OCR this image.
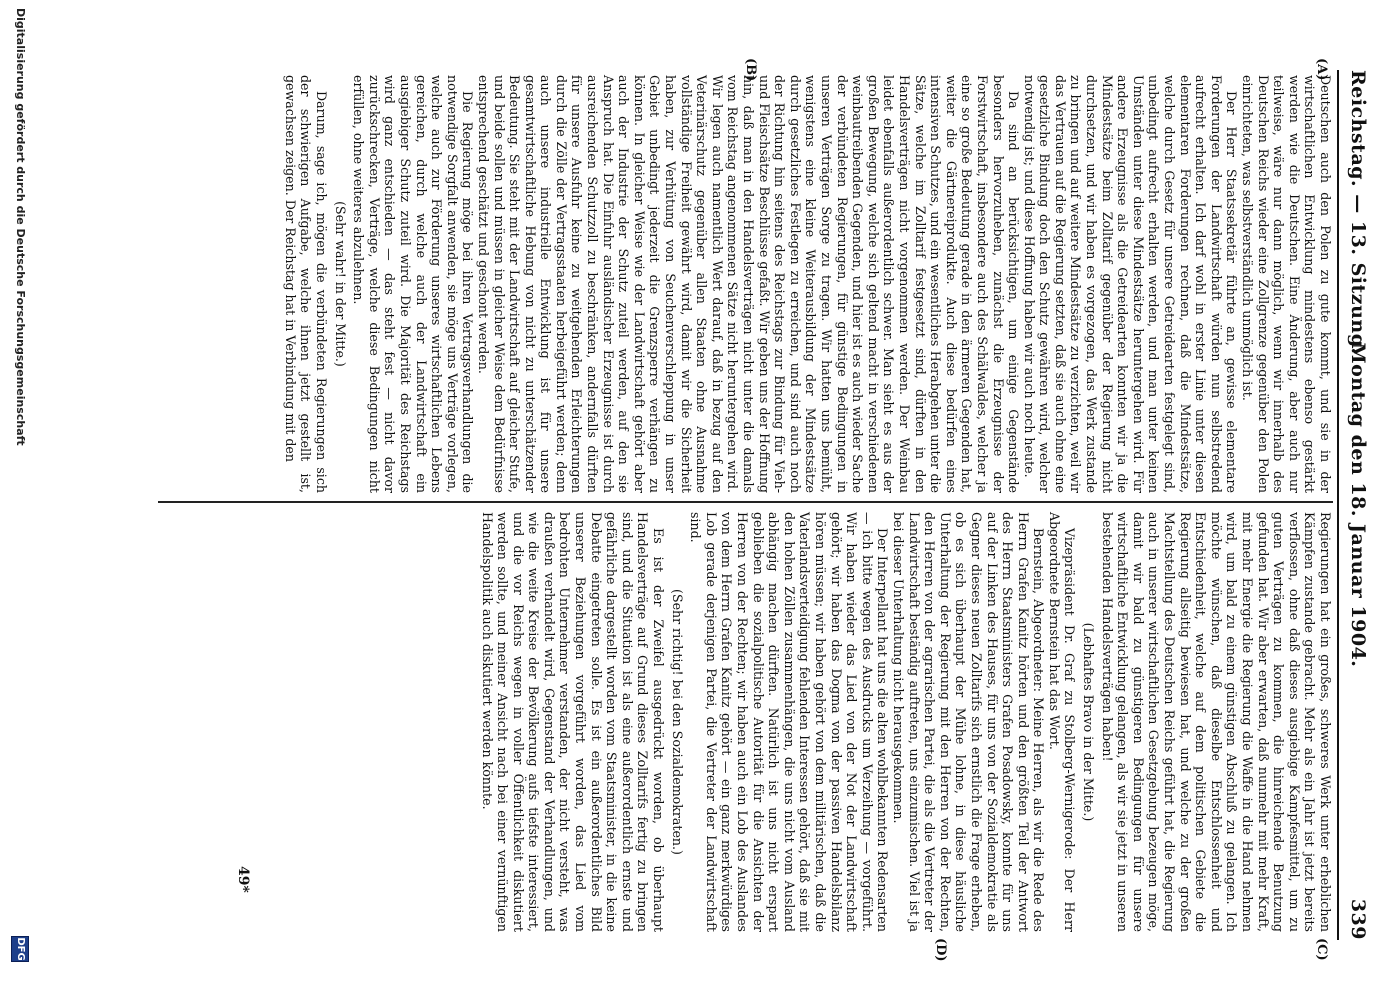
Reichstag. — 13. Sitzung.
Montag den 18. Januar 1904.
339
(A)
(B)
(C)
(D)

Deutschen auch den Polen zu gute kommt, und sie in der wirtschaftlichen Entwicklung mindestens ebenso gestärkt werden wie die Deutschen. Eine Änderung, aber auch nur teilweise, wäre nur dann möglich, wenn wir innerhalb des Deutschen Reichs wieder eine Zollgrenze gegenüber den Polen einrichteten, was selbstverständlich unmöglich ist.

Der Herr Staatssekretär führte an, gewisse elementare Forderungen der Landwirtschaft würden nun selbstredend aufrecht erhalten. Ich darf wohl in erster Linie unter diesen elementaren Forderungen rechnen, daß die Mindestsätze, welche durch Gesetz für unsere Getreidearten festgelegt sind, unbedingt aufrecht erhalten werden, und man unter keinen Umständen unter diese Mindestsätze heruntergehen wird. Für andere Erzeugnisse als die Getreidearten konnten wir ja die Mindestsätze beim Zolltarif gegenüber der Regierung nicht durchsetzen, und wir haben es vorgezogen, das Werk zustande zu bringen und auf weitere Mindestsätze zu verzichten, weil wir das Vertrauen auf die Regierung setzten, daß sie auch ohne eine gesetzliche Bindung doch den Schutz gewähren wird, welcher notwendig ist; und diese Hoffnung haben wir auch noch heute.

Da sind an berücksichtigen, um einige Gegenstände besonders hervorzuheben, zunächst die Erzeugnisse der Forstwirtschaft, insbesondere auch des Schälwaldes, welcher ja eine so große Bedeutung gerade in den ärmeren Gegenden hat, weiter die Gärtnereiprodukte. Auch diese bedürfen eines intensiven Schutzes, und ein wesentliches Herabgehen unter die Sätze, welche im Zolltarif festgesetzt sind, dürften in den Handelsverträgen nicht vorgenommen werden. Der Weinbau leidet ebenfalls außerordentlich schwer. Man sieht es aus der großen Bewegung, welche sich geltend macht in verschiedenen weinbautreibenden Gegenden, und hier ist es auch wieder Sache der verbündeten Regierungen, für günstige Bedingungen in unseren Verträgen Sorge zu tragen. Wir hatten uns bemüht, wenigstens eine kleine Weiterausbildung der Mindestsätze durch gesetzliches Festlegen zu erreichen, und sind auch noch der Richtung hin seitens des Reichstags zur Bindung für Vieh- und Fleischsätze Beschlüsse gefaßt. Wir geben uns der Hoffnung hin, daß man in den Handelsverträgen nicht unter die damals vom Reichstag angenommenen Sätze nicht heruntergehen wird. Wir legen auch namentlich Wert darauf, daß in bezug auf den Veterinärschutz gegenüber allen Staaten ohne Ausnahme vollständige Freiheit gewährt wird, damit wir die Sicherheit haben, zur Verhütung von Seuchenverschleppung in unser Gebiet unbedingt jederzeit die Grenzsperre verhängen zu können. In gleicher Weise wie der Landwirtschaft gehört aber auch der Industrie der Schutz zuteil werden, auf den sie Anspruch hat. Die Einfuhr ausländischer Erzeugnisse ist durch ausreichenden Schutzzoll zu beschränken, andernfalls dürften für unsere Ausfuhr keine zu weitgehenden Erleichterungen durch die Zölle der Vertragsstaaten herbeigeführt werden; denn auch unsere industrielle Entwicklung ist für unsere gesamtwirtschaftliche Hebung von nicht zu unterschätzender Bedeutung. Sie steht mit der Landwirtschaft auf gleicher Stufe, und beide sollen und müssen in gleicher Weise dem Bedürfnisse entsprechend geschätzt und geschont werden.

Die Regierung möge bei ihren Vertragsverhandlungen die notwendige Sorgfalt anwenden, sie möge uns Verträge vorlegen, welche auch zur Förderung unseres wirtschaftlichen Lebens gereichen, durch welche auch der Landwirtschaft ein ausgiebiger Schutz zuteil wird. Die Majorität des Reichstags wird ganz entschieden — das steht fest — nicht davor zurückschrecken, Verträge, welche diese Bedingungen nicht erfüllen, ohne weiteres abzulehnen.

(Sehr wahr! in der Mitte.)

Darum, sage ich, mögen die verbündeten Regierungen sich der schwierigen Aufgabe, welche ihnen jetzt gestellt ist, gewachsen zeigen. Der Reichstag hat in Verbindung mit den

Regierungen hat ein großes, schweres Werk unter erheblichen Kämpfen zustande gebracht. Mehr als ein Jahr ist jetzt bereits verflossen, ohne daß dieses ausgiebige Kampfesmittel, um zu guten Verträgen zu kommen, die hinreichende Benutzung gefunden hat. Wir aber erwarten, daß nunmehr mit mehr Kraft, mit mehr Energie die Regierung die Waffe in die Hand nehmen wird, um bald zu einem günstigen Abschluß zu gelangen. Ich möchte wünschen, daß dieselbe Entschlossenheit und Entschiedenheit, welche auf dem politischen Gebiete die Regierung allseitig bewiesen hat, und welche zu der großen Machtstellung des Deutschen Reichs geführt hat, die Regierung auch in unserer wirtschaftlichen Gesetzgebung bezeugen möge, damit wir bald zu günstigeren Bedingungen für unsere wirtschaftliche Entwicklung gelangen, als wir sie jetzt in unseren bestehenden Handelsverträgen haben!

(Lebhaftes Bravo in der Mitte.)

Vizepräsident Dr. Graf zu Stolberg-Wernigerode: Der Herr Abgeordnete Bernstein hat das Wort.

Bernstein, Abgeordneter: Meine Herren, als wir die Rede des Herrn Grafen Kanitz hörten und den größten Teil der Antwort des Herrn Staatsministers Grafen Posadowsky, konnte für uns auf der Linken des Hauses, für uns von der Sozialdemokratie als Gegner dieses neuen Zolltarifs sich ernstlich die Frage erheben, ob es sich überhaupt der Mühe lohne, in diese häusliche Unterhaltung der Regierung mit den Herren von der Rechten, den Herren von der agrarischen Partei, die als die Vertreter der Landwirtschaft beständig auftreten, uns einzumischen. Viel ist ja bei dieser Unterhaltung nicht herausgekommen.

Der Interpellant hat uns die alten wohlbekannten Redensarten — ich bitte wegen des Ausdrucks um Verzeihung — vorgeführt. Wir haben wieder das Lied von der Not der Landwirtschaft gehört; wir haben das Dogma von der passiven Handelsbilanz hören müssen; wir haben gehört von dem militärischen, daß die Vaterlandsverteidigung fehlenden Interessen gehört, daß sie mit den hohen Zöllen zusammenhängen, die uns nicht vom Ausland abhängig machen dürften. Natürlich ist uns nicht erspart geblieben die sozialpolitische Autorität für die Ansichten der Herren von der Rechten; wir haben auch ein Lob des Auslandes von dem Herrn Grafen Kanitz gehört — ein ganz merkwürdiges Lob gerade derjenigen Partei, die Vertreter der Landwirtschaft sind.

(Sehr richtig! bei den Sozialdemokraten.)

Es ist der Zweifel ausgedrückt worden, ob überhaupt Handelsverträge auf Grund dieses Zolltarifs fertig zu bringen sind, und die Situation ist als eine außerordentlich ernste und gefährliche dargestellt worden vom Staatsminister, in die keine Debatte eingetreten solle. Es ist ein außerordentliches Bild unserer Beziehungen vorgeführt worden, das Lied vom bedrohten Unternehmer verstanden, der nicht versteht, was draußen verhandelt wird, Gegenstand der Verhandlungen, und wie die weite Kreise der Bevölkerung aufs tiefste interessiert, und die vor Reichs wegen in voller Öffentlichkeit diskutiert werden sollte, und meiner Ansicht nach bei einer vernünftigen Handelspolitik auch diskutiert werden könnte.

49*
Digitalisierung gefördert durch die Deutsche Forschungsgemeinschaft
DFG
